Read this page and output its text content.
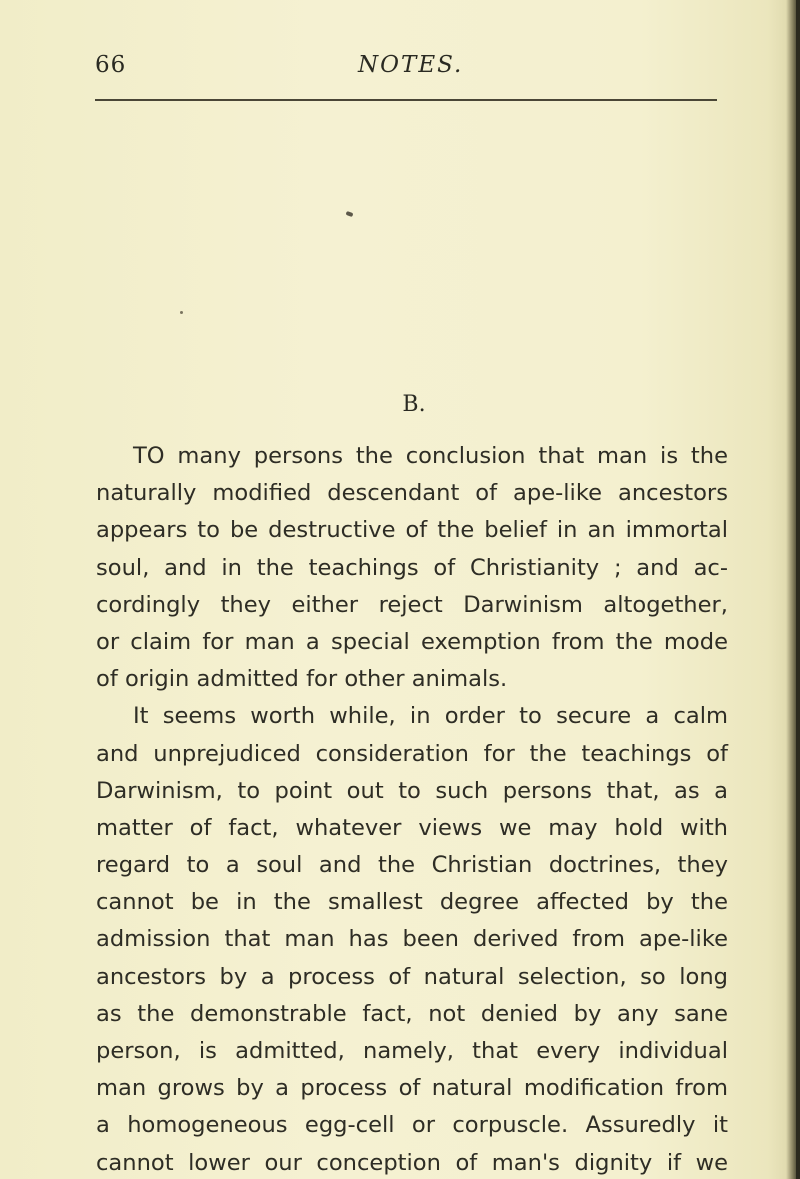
66	NOTES.
B.
TO many persons the conclusion that man is the
naturally modified descendant of ape-like ancestors
appears to be destructive of the belief in an immortal
soul, and in the teachings of Christianity ; and ac-
cordingly they either reject Darwinism altogether,
or claim for man a special exemption from the mode
of origin admitted for other animals.
It seems worth while, in order to secure a calm
and unprejudiced consideration for the teachings of
Darwinism, to point out to such persons that, as a
matter of fact, whatever views we may hold with
regard to a soul and the Christian doctrines, they
cannot be in the smallest degree affected by the
admission that man has been derived from ape-like
ancestors by a process of natural selection, so long
as the demonstrable fact, not denied by any sane
person, is admitted, namely, that every individual
man grows by a process of natural modification from
a homogeneous egg-cell or corpuscle. Assuredly it
cannot lower our conception of man's dignity if we
